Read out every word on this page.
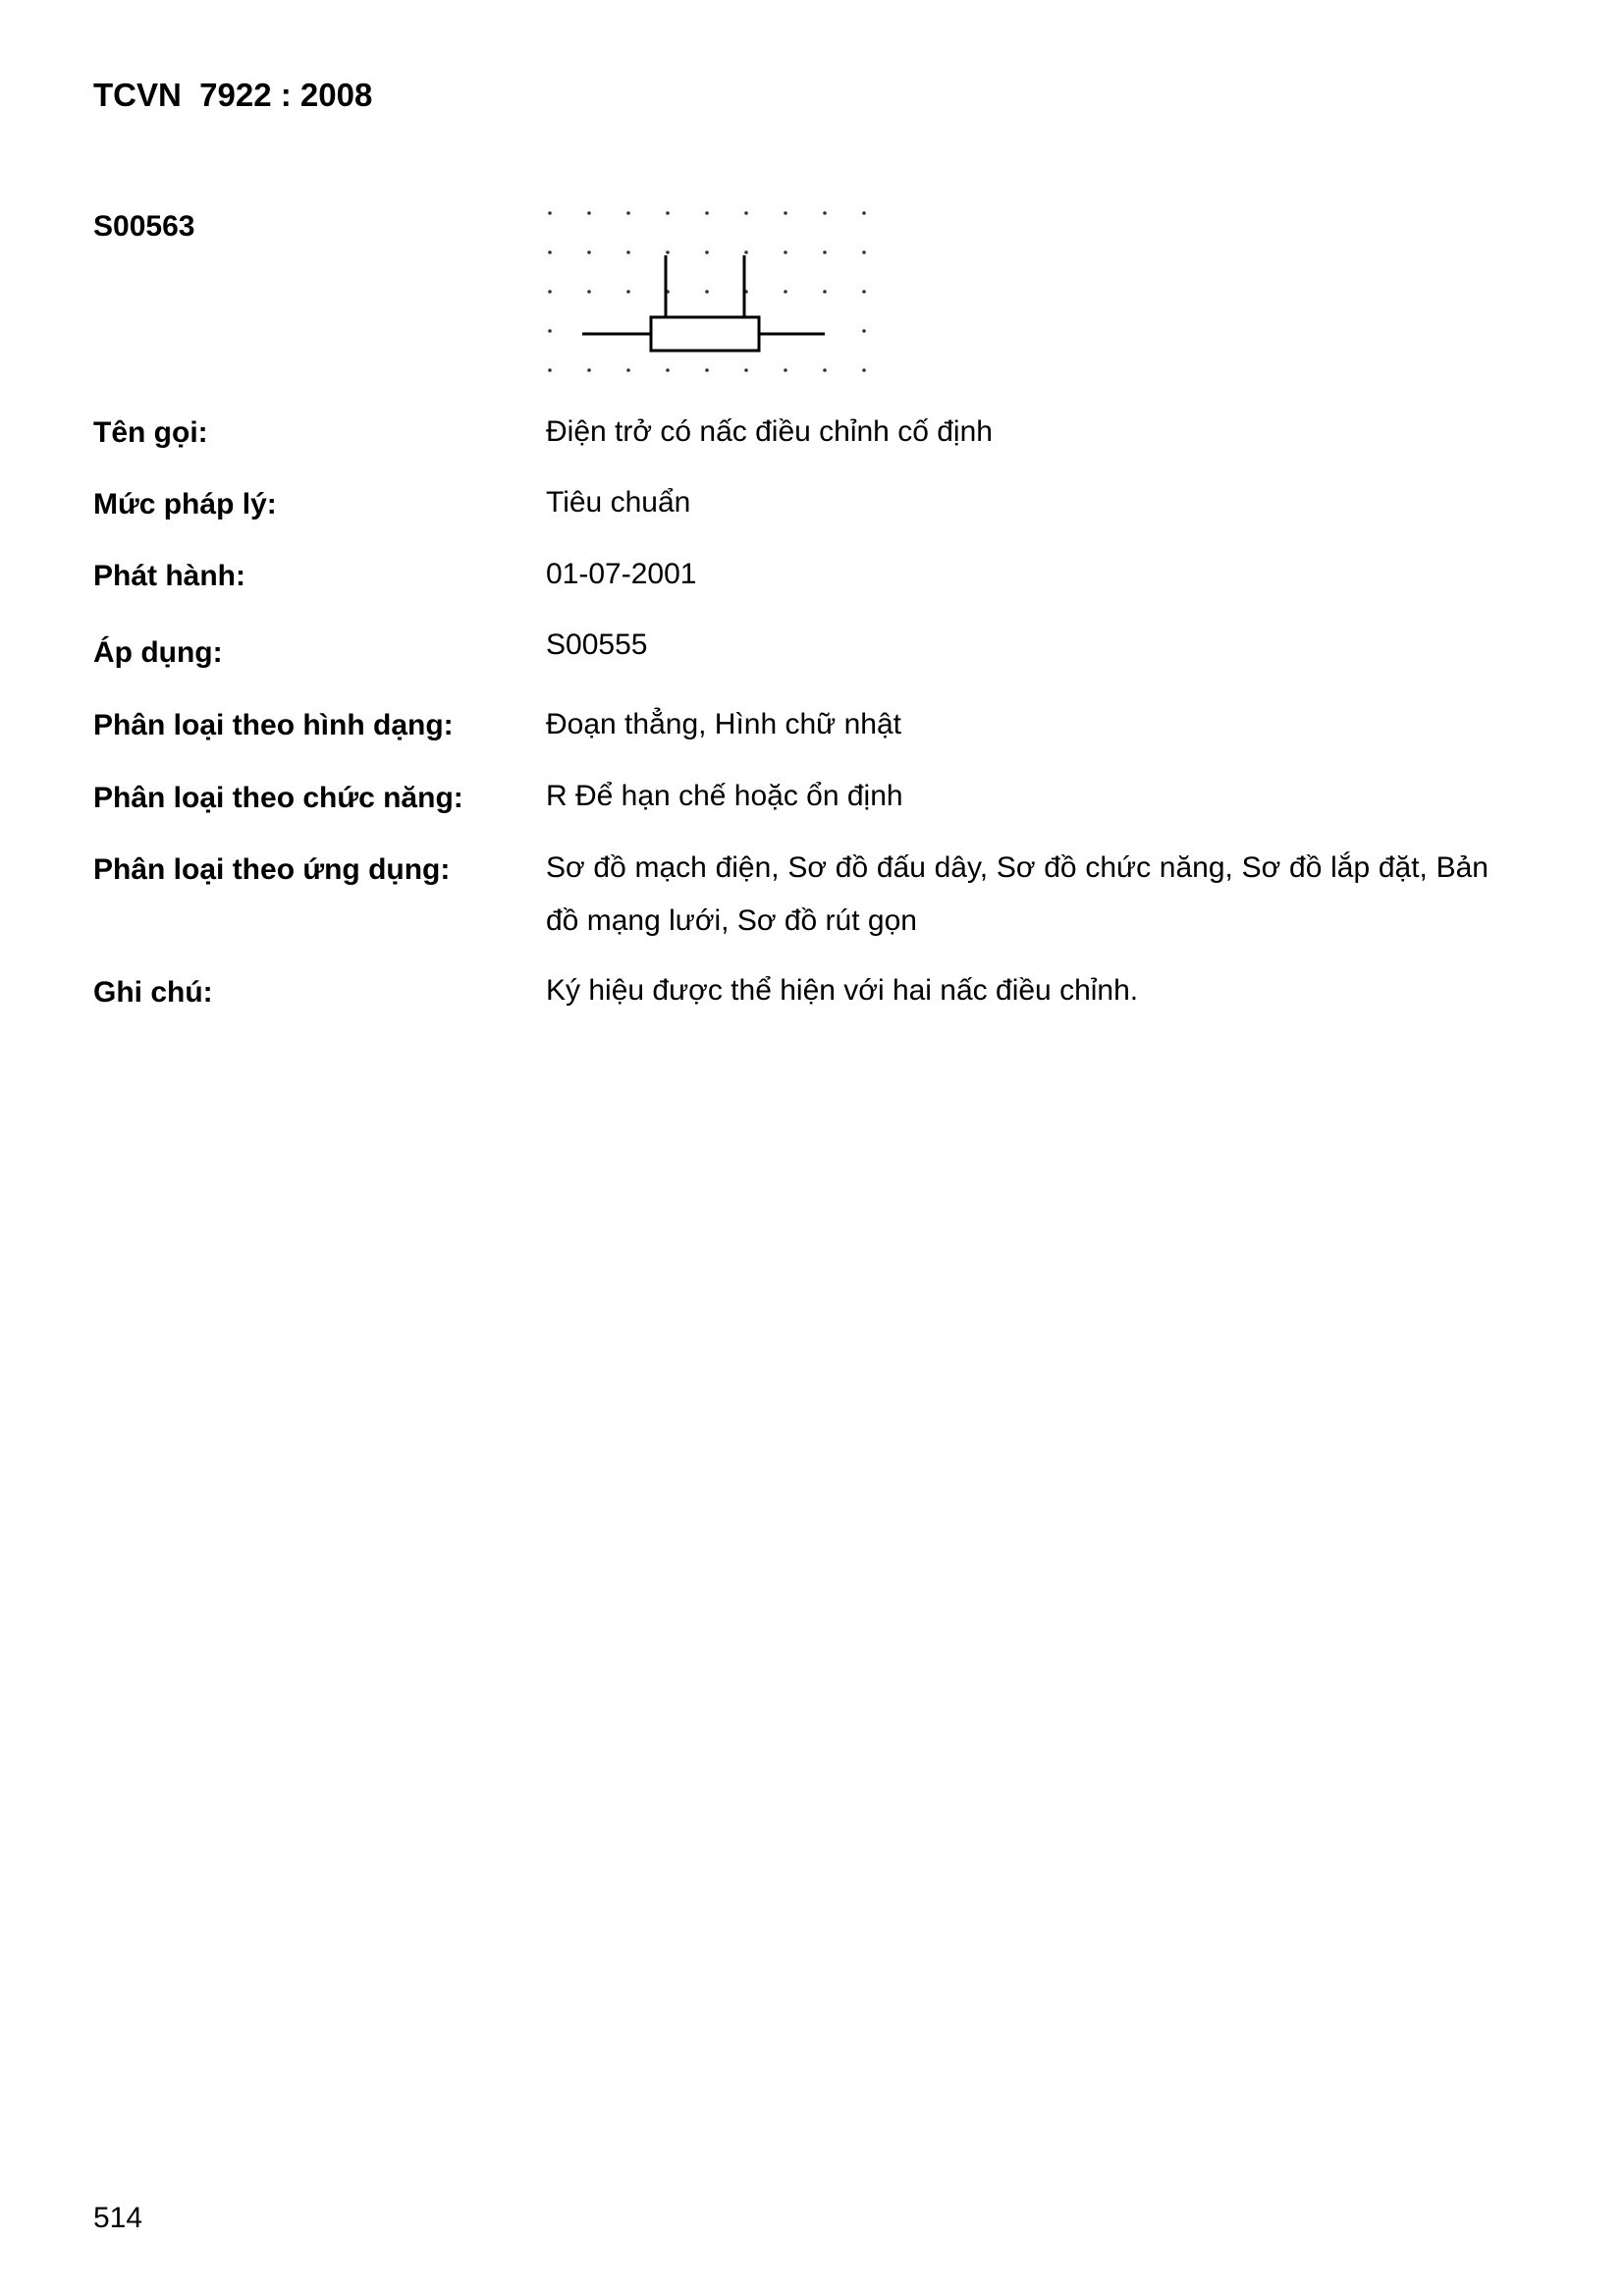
TCVN  7922 : 2008
S00563
Tên gọi:	Điện trở có nấc điều chỉnh cố định
Mức pháp lý:	Tiêu chuẩn
Phát hành:	01-07-2001
Áp dụng:	S00555
Phân loại theo hình dạng:	Đoạn thẳng, Hình chữ nhật
Phân loại theo chức năng:	R Để hạn chế hoặc ổn định
Phân loại theo ứng dụng:	Sơ đồ mạch điện, Sơ đồ đấu dây, Sơ đồ chức năng, Sơ đồ lắp đặt, Bản đồ mạng lưới, Sơ đồ rút gọn
Ghi chú:	Ký hiệu được thể hiện với hai nấc điều chỉnh.
514
